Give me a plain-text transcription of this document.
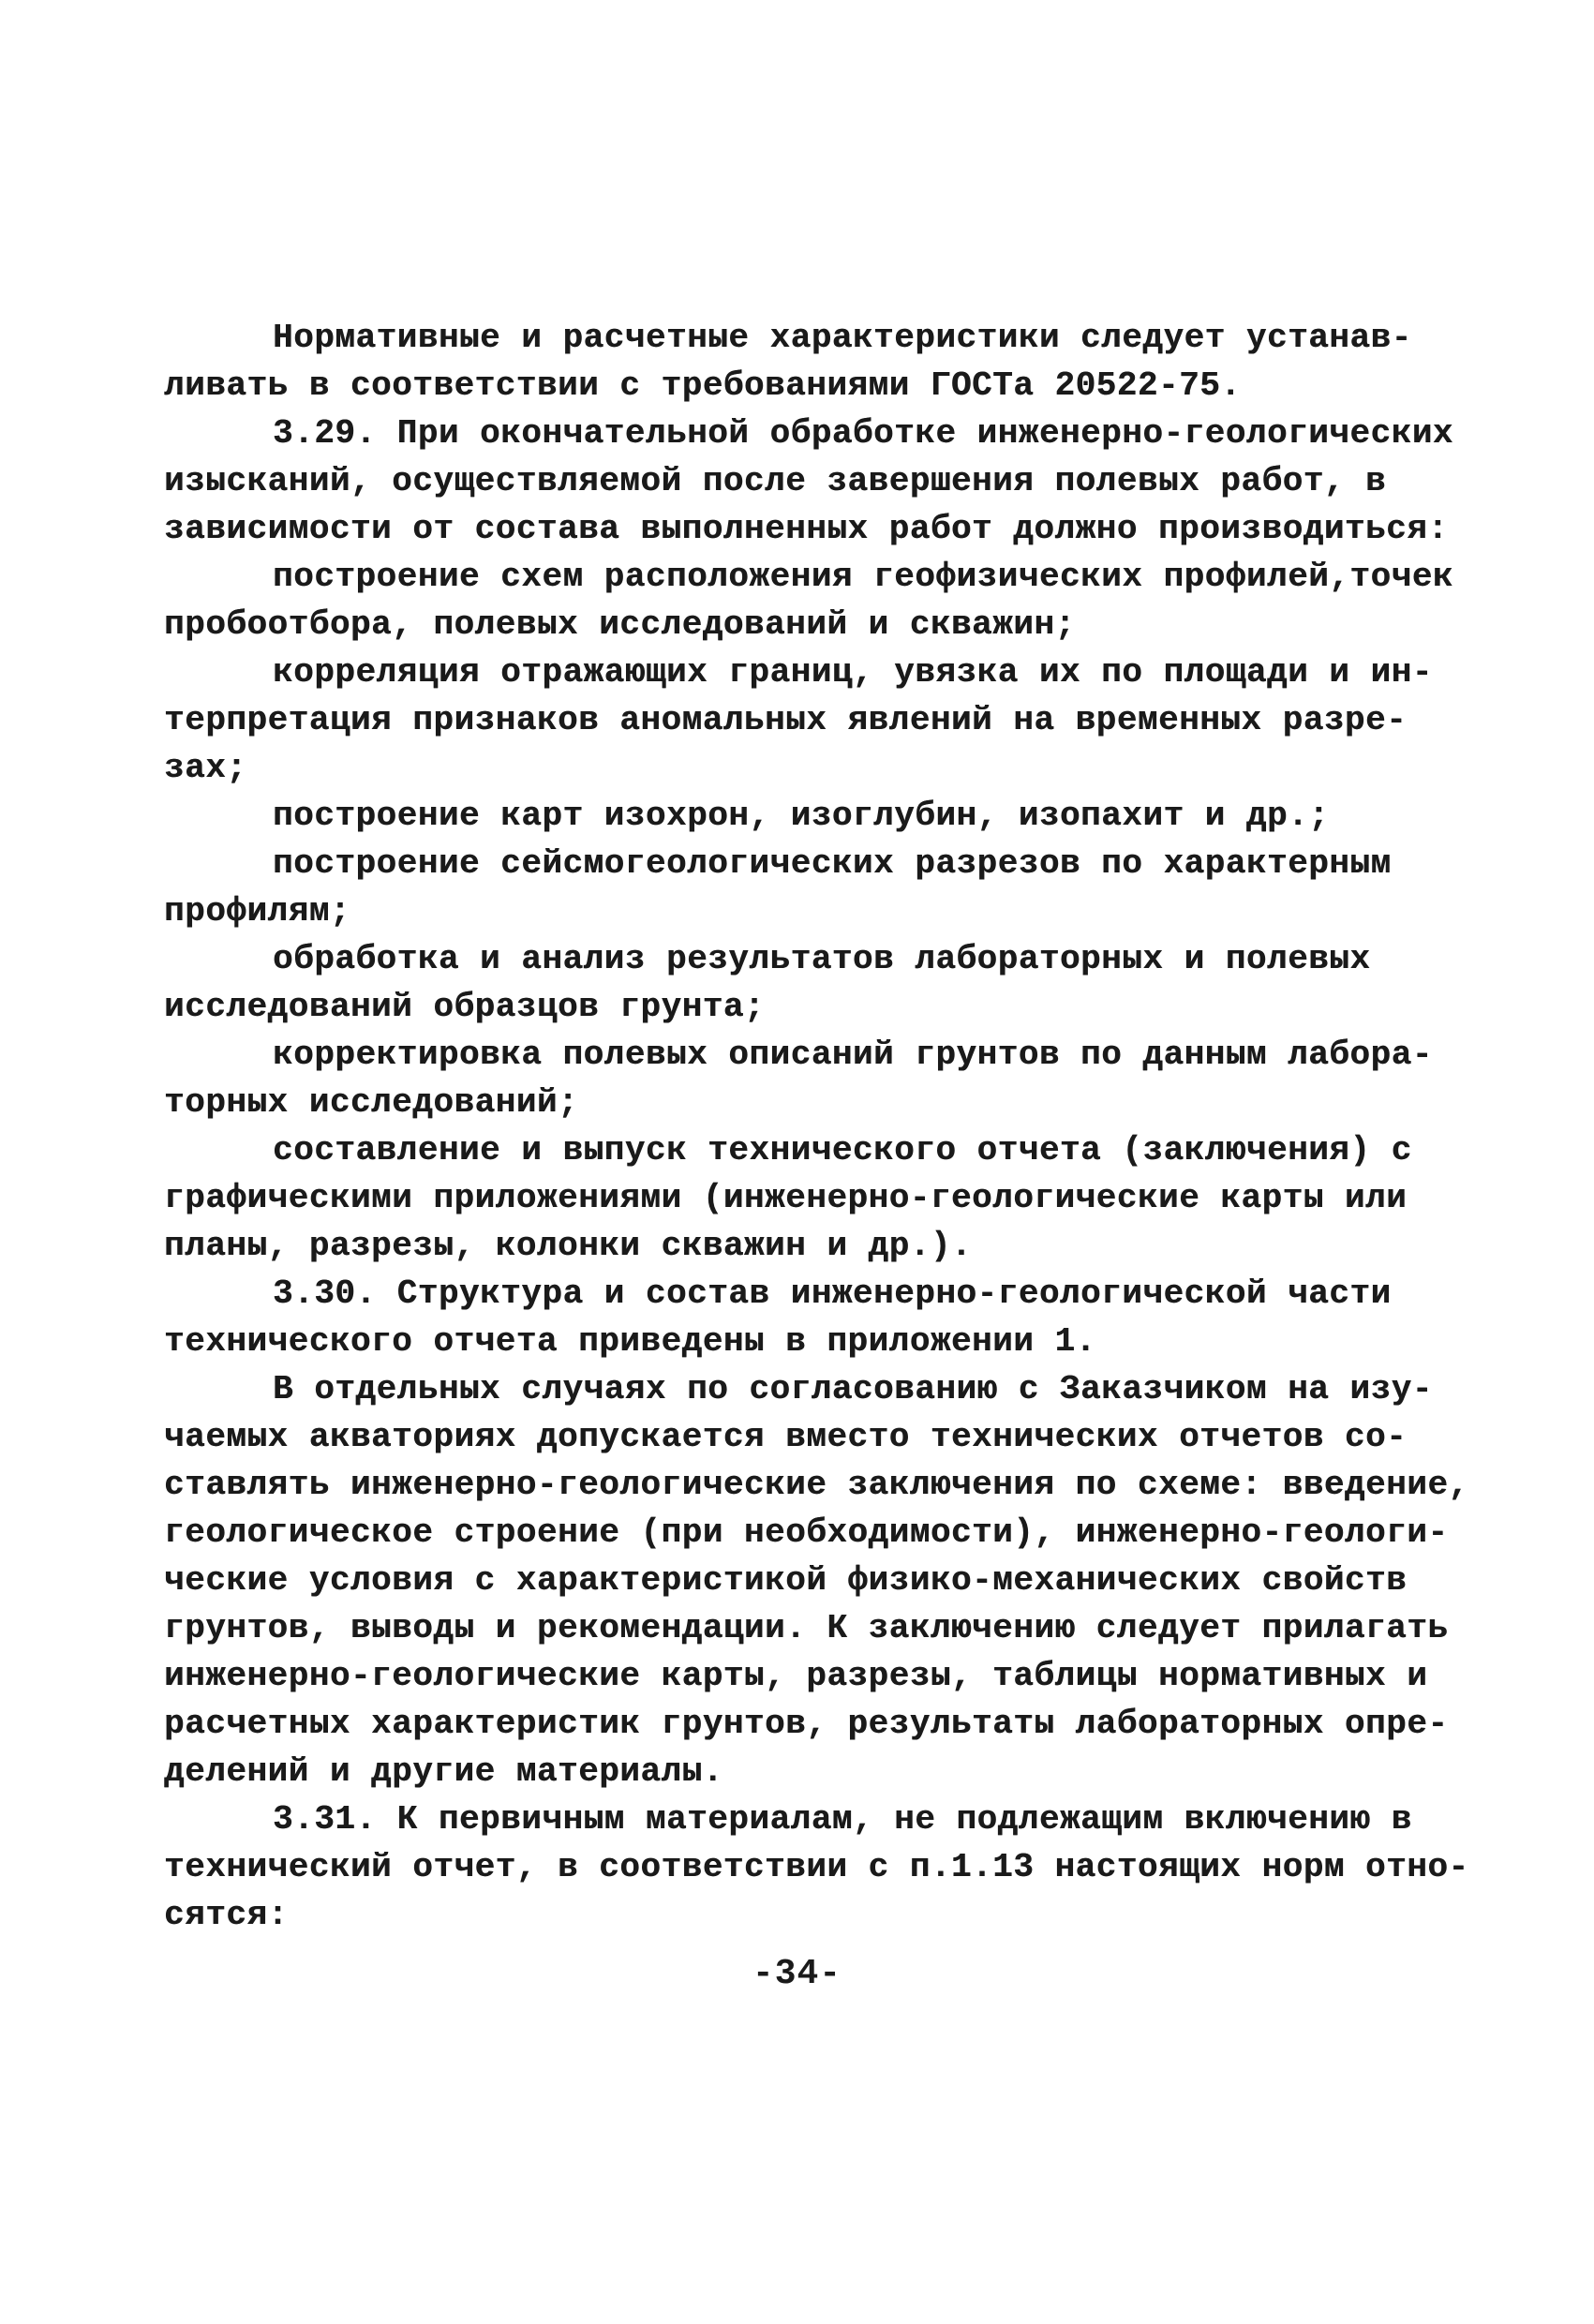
Нормативные и расчетные характеристики следует устанав-
ливать в соответствии с требованиями ГОСТа 20522-75.
3.29. При окончательной обработке инженерно-геологических
изысканий, осуществляемой после завершения полевых работ, в
зависимости от состава выполненных работ должно производиться:
построение схем расположения геофизических профилей,точек
пробоотбора, полевых исследований и скважин;
корреляция отражающих границ, увязка их по площади и ин-
терпретация признаков аномальных явлений на временных разре-
зах;
построение карт изохрон, изоглубин, изопахит и др.;
построение сейсмогеологических разрезов по характерным
профилям;
обработка и анализ результатов лабораторных и полевых
исследований образцов грунта;
корректировка полевых описаний грунтов по данным лабора-
торных исследований;
составление и выпуск технического отчета (заключения) с
графическими приложениями (инженерно-геологические карты или
планы, разрезы, колонки скважин и др.).
3.30. Структура и состав инженерно-геологической части
технического отчета приведены в приложении 1.
В отдельных случаях по согласованию с Заказчиком на изу-
чаемых акваториях допускается вместо технических отчетов со-
ставлять инженерно-геологические заключения по схеме: введение,
геологическое строение (при необходимости), инженерно-геологи-
ческие условия с характеристикой физико-механических свойств
грунтов, выводы и рекомендации. К заключению следует прилагать
инженерно-геологические карты, разрезы, таблицы нормативных и
расчетных характеристик грунтов, результаты лабораторных опре-
делений и другие материалы.
3.31. К первичным материалам, не подлежащим включению в
технический отчет, в соответствии с п.1.13 настоящих норм отно-
сятся:
-34-
